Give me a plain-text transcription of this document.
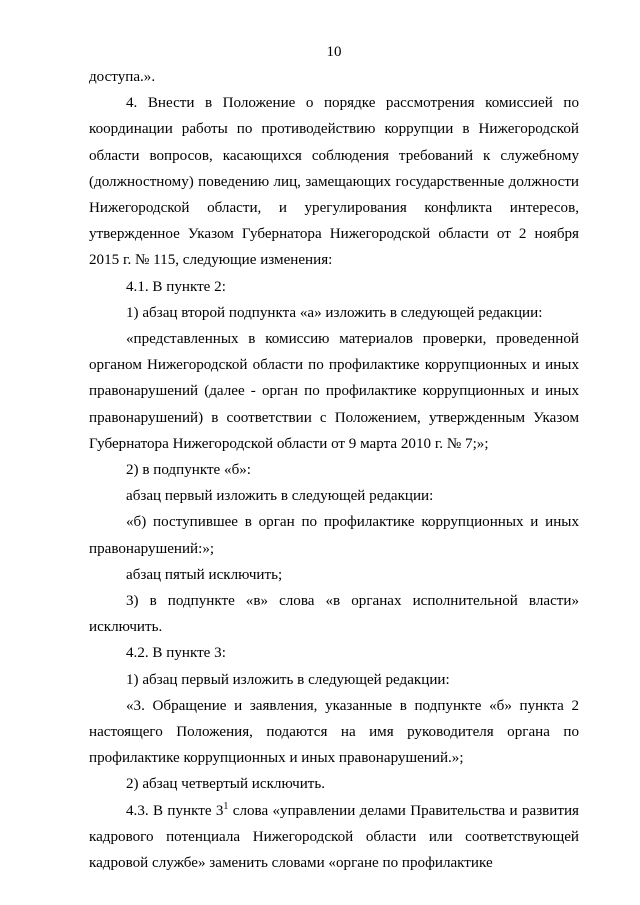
10

доступа.».

4. Внести в Положение о порядке рассмотрения комиссией по координации работы по противодействию коррупции в Нижегородской области вопросов, касающихся соблюдения требований к служебному (должностному) поведению лиц, замещающих государственные должности Нижегородской области, и урегулирования конфликта интересов, утвержденное Указом Губернатора Нижегородской области от 2 ноября 2015 г. № 115, следующие изменения:

4.1. В пункте 2:

1) абзац второй подпункта «а» изложить в следующей редакции:

«представленных в комиссию материалов проверки, проведенной органом Нижегородской области по профилактике коррупционных и иных правонарушений (далее - орган по профилактике коррупционных и иных правонарушений) в соответствии с Положением, утвержденным Указом Губернатора Нижегородской области от 9 марта 2010 г. № 7;»;

2) в подпункте «б»:

абзац первый изложить в следующей редакции:

«б) поступившее в орган по профилактике коррупционных и иных правонарушений:»;

абзац пятый исключить;

3) в подпункте «в» слова «в органах исполнительной власти» исключить.

4.2. В пункте 3:

1) абзац первый изложить в следующей редакции:

«3. Обращение и заявления, указанные в подпункте «б» пункта 2 настоящего Положения, подаются на имя руководителя органа по профилактике коррупционных и иных правонарушений.»;

2) абзац четвертый исключить.

4.3. В пункте $3^1$ слова «управлении делами Правительства и развития кадрового потенциала Нижегородской области или соответствующей кадровой службе» заменить словами «органе по профилактике
